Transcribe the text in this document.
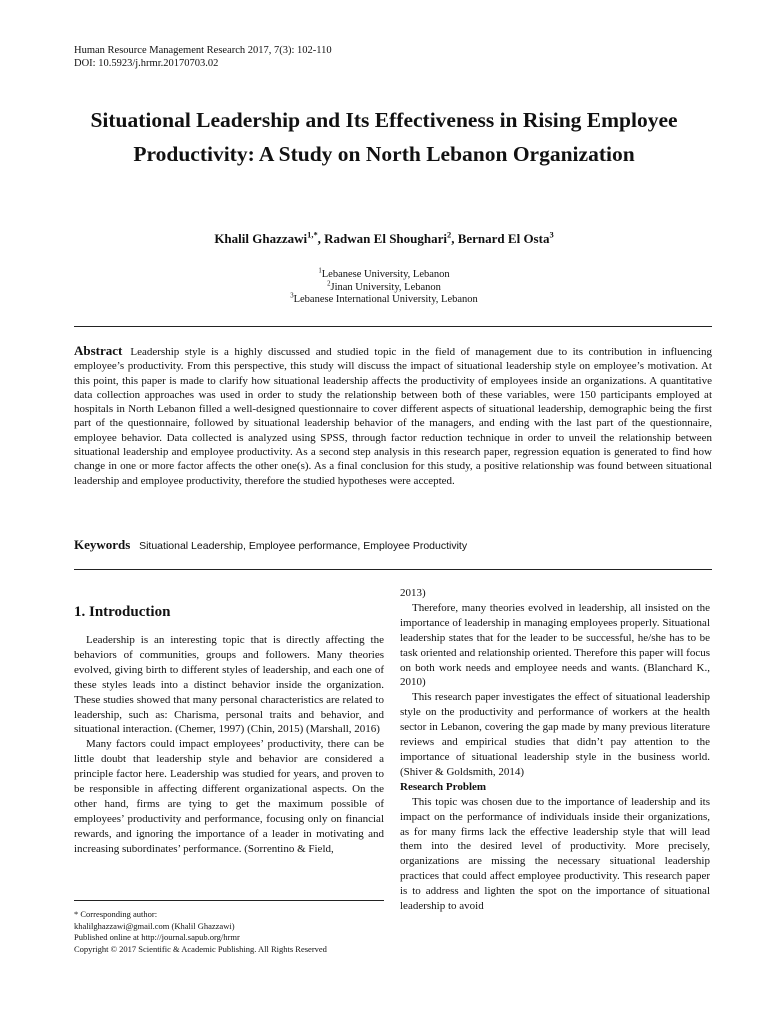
Human Resource Management Research 2017, 7(3): 102-110
DOI: 10.5923/j.hrmr.20170703.02
Situational Leadership and Its Effectiveness in Rising Employee Productivity: A Study on North Lebanon Organization
Khalil Ghazzawi$^{1,*}$, Radwan El Shoughari$^2$, Bernard El Osta$^3$
$^1$Lebanese University, Lebanon
$^2$Jinan University, Lebanon
$^3$Lebanese International University, Lebanon
Abstract Leadership style is a highly discussed and studied topic in the field of management due to its contribution in influencing employee’s productivity. From this perspective, this study will discuss the impact of situational leadership style on employee’s motivation. At this point, this paper is made to clarify how situational leadership affects the productivity of employees inside an organizations. A quantitative data collection approaches was used in order to study the relationship between both of these variables, were 150 participants employed at hospitals in North Lebanon filled a well-designed questionnaire to cover different aspects of situational leadership, demographic being the first part of the questionnaire, followed by situational leadership behavior of the managers, and ending with the last part of the questionnaire, employee behavior. Data collected is analyzed using SPSS, through factor reduction technique in order to unveil the relationship between situational leadership and employee productivity. As a second step analysis in this research paper, regression equation is generated to find how change in one or more factor affects the other one(s). As a final conclusion for this study, a positive relationship was found between situational leadership and employee productivity, therefore the studied hypotheses were accepted.
Keywords Situational Leadership, Employee performance, Employee Productivity
1. Introduction

Leadership is an interesting topic that is directly affecting the behaviors of communities, groups and followers. Many theories evolved, giving birth to different styles of leadership, and each one of these styles leads into a distinct behavior inside the organization. These studies showed that many personal characteristics are related to leadership, such as: Charisma, personal traits and behavior, and situational interaction. (Chemer, 1997) (Chin, 2015) (Marshall, 2016)

Many factors could impact employees’ productivity, there can be little doubt that leadership style and behavior are considered a principle factor here. Leadership was studied for years, and proven to be responsible in affecting different organizational aspects. On the other hand, firms are tying to get the maximum possible of employees’ productivity and performance, focusing only on financial rewards, and ignoring the importance of a leader in motivating and increasing subordinates’ performance. (Sorrentino & Field,

2013)

Therefore, many theories evolved in leadership, all insisted on the importance of leadership in managing employees properly. Situational leadership states that for the leader to be successful, he/she has to be task oriented and relationship oriented. Therefore this paper will focus on both work needs and employee needs and wants. (Blanchard K., 2010)

This research paper investigates the effect of situational leadership style on the productivity and performance of workers at the health sector in Lebanon, covering the gap made by many previous literature reviews and empirical studies that didn’t pay attention to the importance of situational leadership style in the business world. (Shiver & Goldsmith, 2014)

Research Problem

This topic was chosen due to the importance of leadership and its impact on the performance of individuals inside their organizations, as for many firms lack the effective leadership style that will lead them into the desired level of productivity. More precisely, organizations are missing the necessary situational leadership practices that could affect employee productivity. This research paper is to address and lighten the spot on the importance of situational leadership to avoid

* Corresponding author:
khalilghazzawi@gmail.com (Khalil Ghazzawi)
Published online at http://journal.sapub.org/hrmr
Copyright © 2017 Scientific & Academic Publishing. All Rights Reserved
